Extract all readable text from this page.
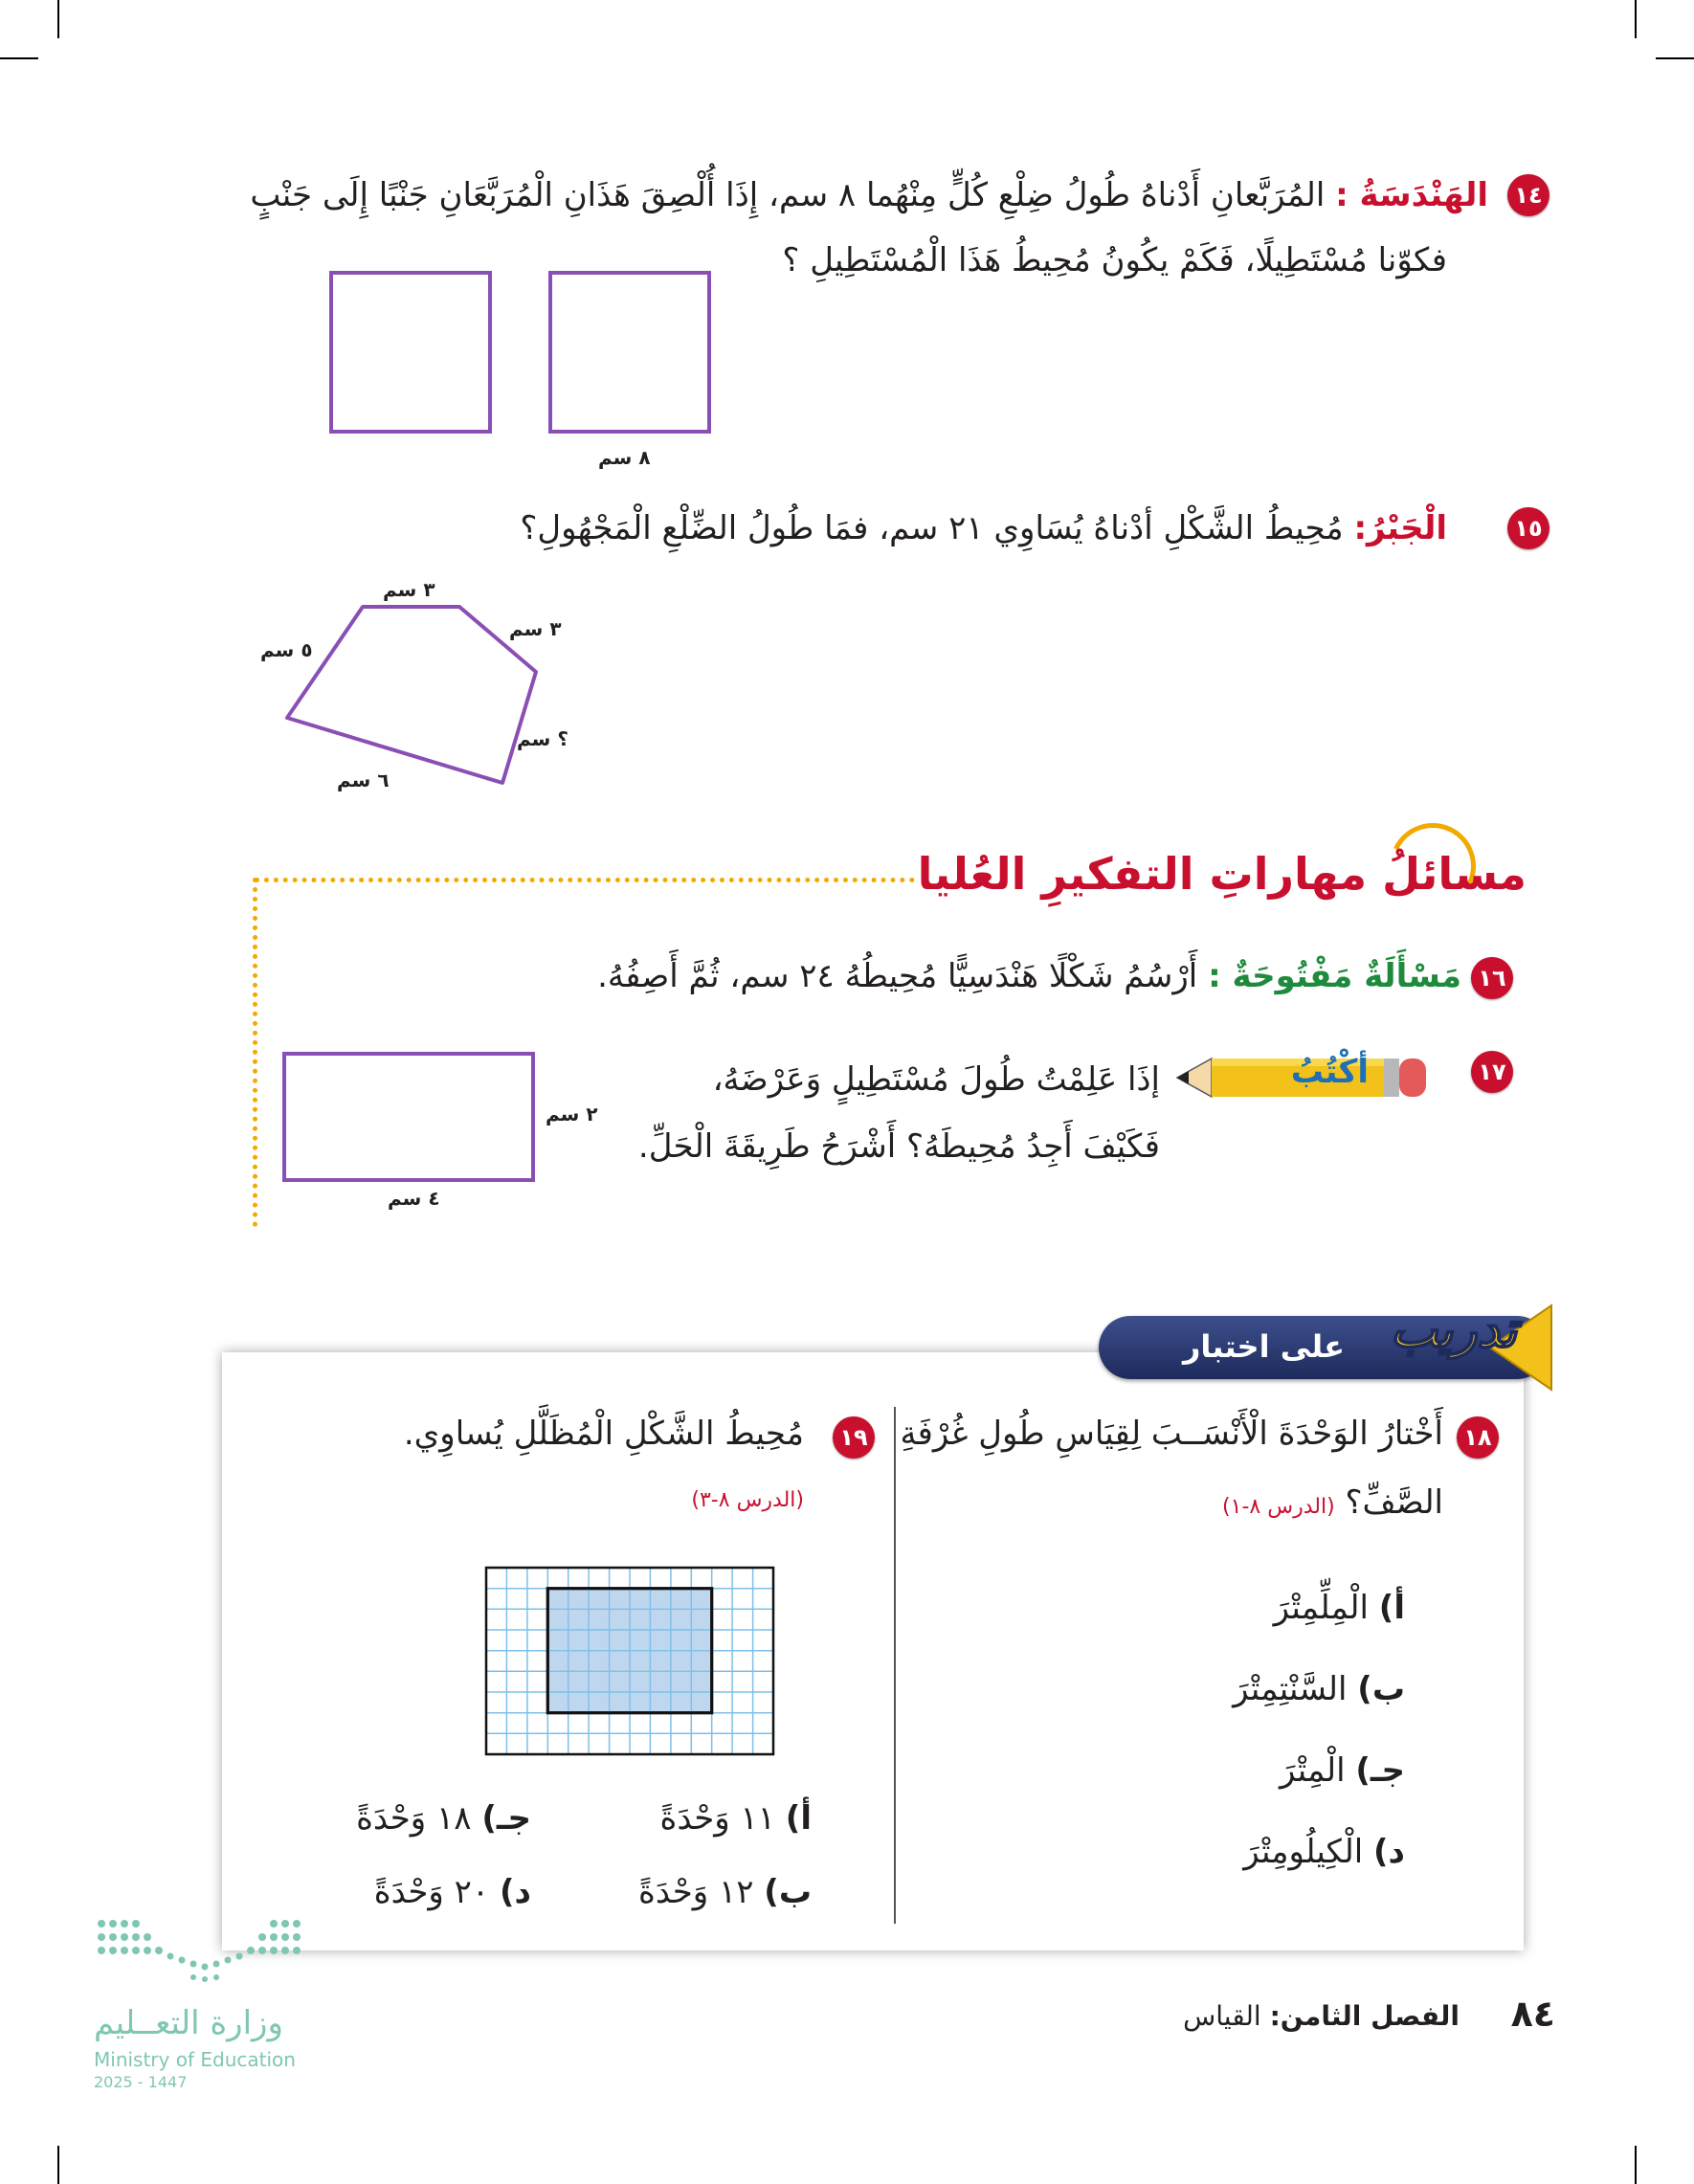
١٤
الهَنْدَسَةُ : المُرَبَّعانِ أَدْناهُ طُولُ ضِلْعِ كُلٍّ مِنْهُما ٨ سم، إِذَا أُلْصِقَ هَذَانِ الْمُرَبَّعَانِ جَنْبًا إِلَى جَنْبٍ
فكوّنا مُسْتَطِيلًا، فَكَمْ يكُونُ مُحِيطُ هَذَا الْمُسْتَطِيلِ ؟
٨ سم
١٥
الْجَبْرُ: مُحِيطُ الشَّكْلِ أدْناهُ يُسَاوِي ٢١ سم، فمَا طُولُ الضِّلْعِ الْمَجْهُولِ؟
٣ سم
٣ سم
٥ سم
؟ سم
٦ سم
مسائلُ مهاراتِ التفكيرِ العُليا
١٦
مَسْأَلَةٌ مَفْتُوحَةٌ : أَرْسُمُ شَكْلًا هَنْدَسِيًّا مُحِيطُهُ ٢٤ سم، ثُمَّ أَصِفُهُ.
١٧
أكْتُبُ
إذَا عَلِمْتُ طُولَ مُسْتَطِيلٍ وَعَرْضَهُ،
فَكَيْفَ أَجِدُ مُحِيطَهُ؟ أَشْرَحُ طَرِيقَةَ الْحَلِّ.
٢ سم
٤ سم
تدريب
على اختبار
١٨
أَخْتارُ الوَحْدَةَ الْأَنْسَــبَ لِقِيَاسِ طُولِ غُرْفَةِ
الصَّفِّ؟ (الدرس ٨-١)
أ) الْمِلِّمِتْرَ
ب) السَّنْتِمِتْرَ
جـ) الْمِتْرَ
د) الْكِيلُومِتْرَ
١٩
مُحِيطُ الشَّكْلِ الْمُظَلَّلِ يُساوِي.
(الدرس ٨-٣)
أ) ١١ وَحْدَةً
جـ) ١٨ وَحْدَةً
ب) ١٢ وَحْدَةً
د) ٢٠ وَحْدَةً
وزارة التعــليم
Ministry of Education
2025 - 1447
الفصل الثامن: القياس	٨٤
